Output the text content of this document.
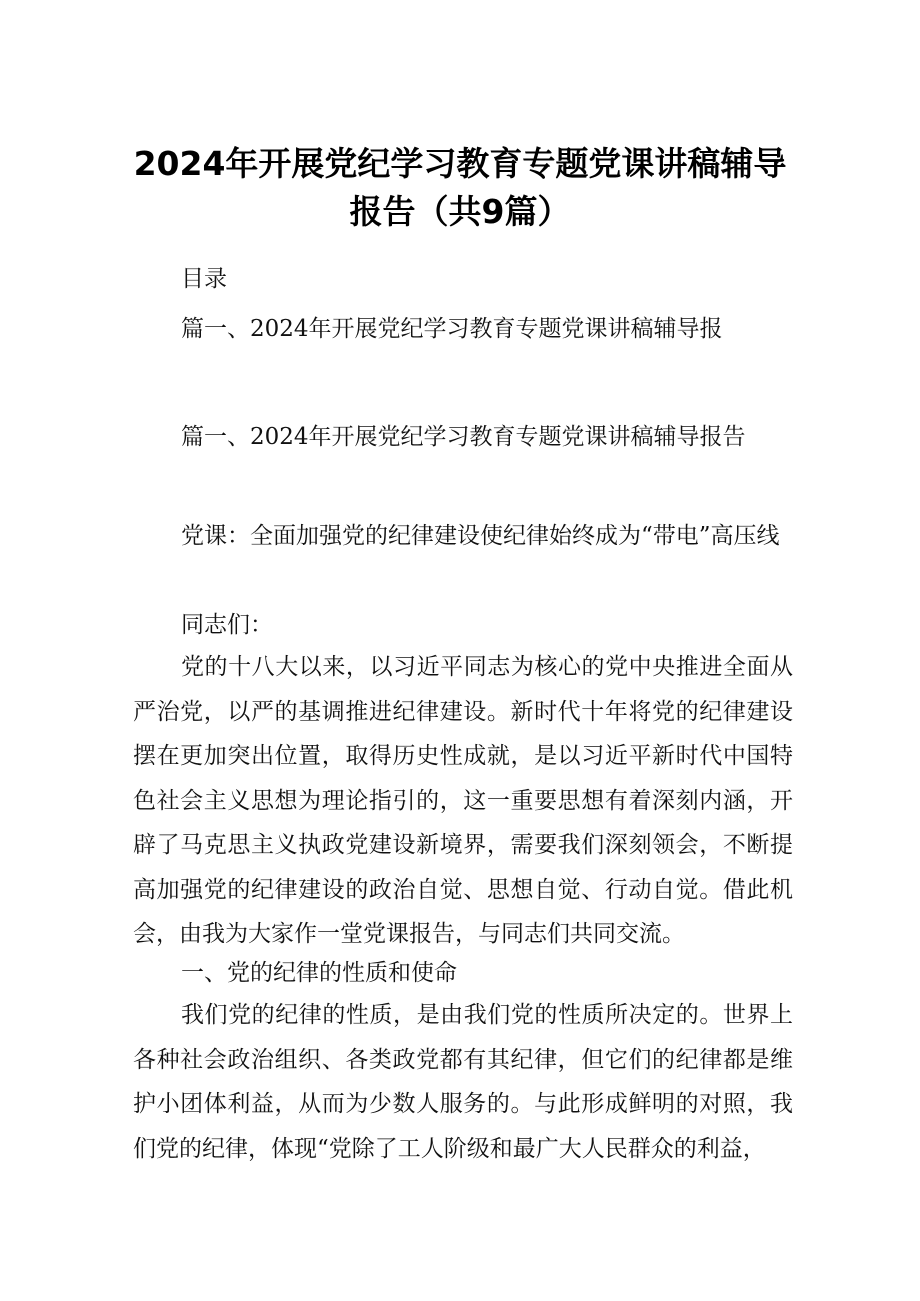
2024年开展党纪学习教育专题党课讲稿辅导报告（共9篇）

目录

篇一、2024年开展党纪学习教育专题党课讲稿辅导报

篇一、2024年开展党纪学习教育专题党课讲稿辅导报告

党课：全面加强党的纪律建设使纪律始终成为“带电”高压线

同志们：

党的十八大以来，以习近平同志为核心的党中央推进全面从严治党，以严的基调推进纪律建设。新时代十年将党的纪律建设摆在更加突出位置，取得历史性成就，是以习近平新时代中国特色社会主义思想为理论指引的，这一重要思想有着深刻内涵，开辟了马克思主义执政党建设新境界，需要我们深刻领会，不断提高加强党的纪律建设的政治自觉、思想自觉、行动自觉。借此机会，由我为大家作一堂党课报告，与同志们共同交流。

一、党的纪律的性质和使命

我们党的纪律的性质，是由我们党的性质所决定的。世界上各种社会政治组织、各类政党都有其纪律，但它们的纪律都是维护小团体利益，从而为少数人服务的。与此形成鲜明的对照，我们党的纪律，体现“党除了工人阶级和最广大人民群众的利益，
